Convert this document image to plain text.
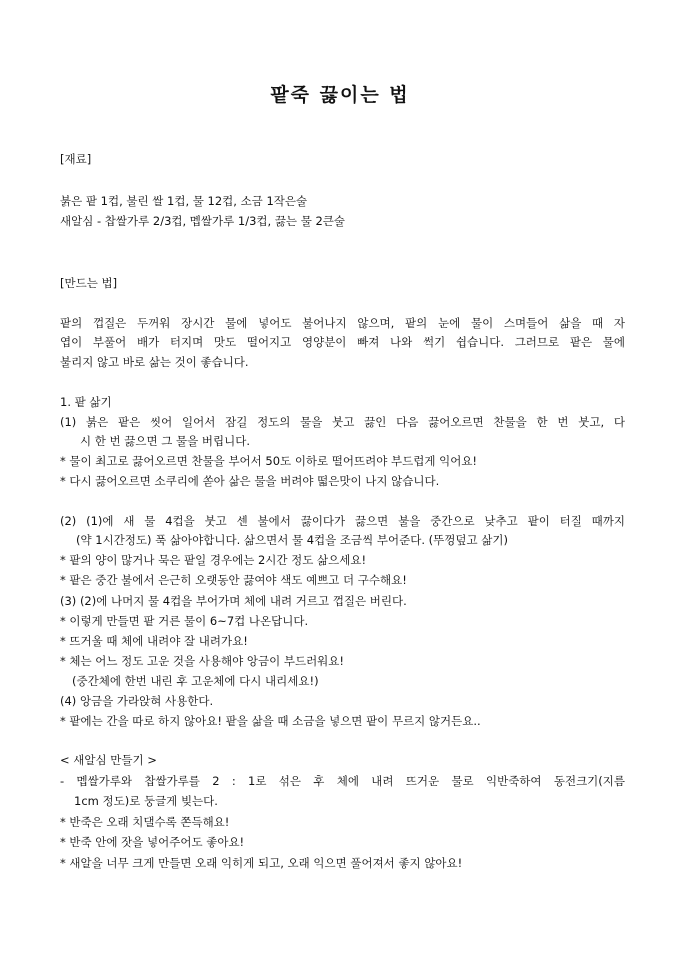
팥죽 끓이는 법
[재료]
붉은 팥 1컵, 불린 쌀 1컵, 물 12컵, 소금 1작은술
새알심 - 찹쌀가루 2/3컵, 멥쌀가루 1/3컵, 끓는 물 2큰술
[만드는 법]
팥의 껍질은 두꺼워 장시간 물에 넣어도 불어나지 않으며, 팥의 눈에 물이 스며들어 삶을 때 자
엽이 부풀어 배가 터지며 맛도 떨어지고 영양분이 빠져 나와 썩기 쉽습니다. 그러므로 팥은 물에
불리지 않고 바로 삶는 것이 좋습니다.
1. 팥 삶기
(1) 붉은 팥은 씻어 일어서 잠길 정도의 물을 붓고 끓인 다음 끓어오르면 찬물을 한 번 붓고, 다
시 한 번 끓으면 그 물을 버립니다.
* 물이 최고로 끓어오르면 찬물을 부어서 50도 이하로 떨어뜨려야 부드럽게 익어요!
* 다시 끓어오르면 소쿠리에 쏟아 삶은 물을 버려야 떫은맛이 나지 않습니다.
(2) (1)에 새 물 4컵을 붓고 센 불에서 끓이다가 끓으면 불을 중간으로 낮추고 팥이 터질 때까지
(약 1시간정도) 푹 삶아야합니다. 삶으면서 물 4컵을 조금씩 부어준다. (뚜껑덮고 삶기)
* 팥의 양이 많거나 묵은 팥일 경우에는 2시간 정도 삶으세요!
* 팥은 중간 불에서 은근히 오랫동안 끓여야 색도 예쁘고 더 구수해요!
(3) (2)에 나머지 물 4컵을 부어가며 체에 내려 거르고 껍질은 버린다.
* 이렇게 만들면 팥 거른 물이 6~7컵 나온답니다.
* 뜨거울 때 체에 내려야 잘 내려가요!
* 체는 어느 정도 고운 것을 사용해야 앙금이 부드러워요!
(중간체에 한번 내린 후 고운체에 다시 내리세요!)
(4) 앙금을 가라앉혀 사용한다.
* 팥에는 간을 따로 하지 않아요! 팥을 삶을 때 소금을 넣으면 팥이 무르지 않거든요..
< 새알심 만들기 >
- 멥쌀가루와 찹쌀가루를 2 : 1로 섞은 후 체에 내려 뜨거운 물로 익반죽하여 동전크기(지름
1cm 정도)로 둥글게 빚는다.
* 반죽은 오래 치댈수록 쫀득해요!
* 반죽 안에 잣을 넣어주어도 좋아요!
* 새알을 너무 크게 만들면 오래 익히게 되고, 오래 익으면 풀어져서 좋지 않아요!
